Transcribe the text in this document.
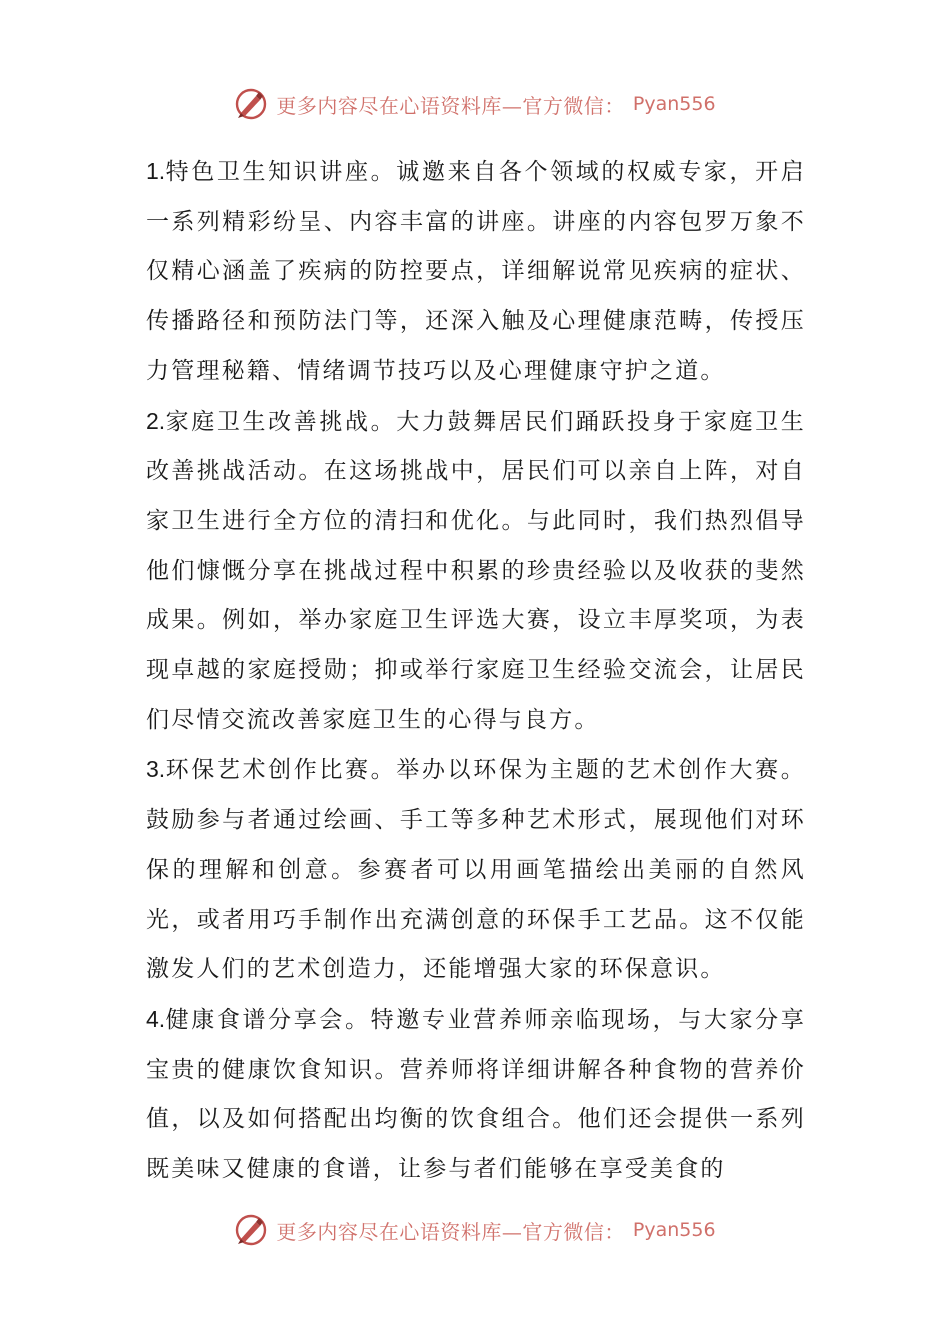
更多内容尽在心语资料库—官方微信： Pyan556

1.特色卫生知识讲座。诚邀来自各个领域的权威专家，开启一系列精彩纷呈、内容丰富的讲座。讲座的内容包罗万象不仅精心涵盖了疾病的防控要点，详细解说常见疾病的症状、传播路径和预防法门等，还深入触及心理健康范畴，传授压力管理秘籍、情绪调节技巧以及心理健康守护之道。

2.家庭卫生改善挑战。大力鼓舞居民们踊跃投身于家庭卫生改善挑战活动。在这场挑战中，居民们可以亲自上阵，对自家卫生进行全方位的清扫和优化。与此同时，我们热烈倡导他们慷慨分享在挑战过程中积累的珍贵经验以及收获的斐然成果。例如，举办家庭卫生评选大赛，设立丰厚奖项，为表现卓越的家庭授勋；抑或举行家庭卫生经验交流会，让居民们尽情交流改善家庭卫生的心得与良方。

3.环保艺术创作比赛。举办以环保为主题的艺术创作大赛。鼓励参与者通过绘画、手工等多种艺术形式，展现他们对环保的理解和创意。参赛者可以用画笔描绘出美丽的自然风光，或者用巧手制作出充满创意的环保手工艺品。这不仅能激发人们的艺术创造力，还能增强大家的环保意识。

4.健康食谱分享会。特邀专业营养师亲临现场，与大家分享宝贵的健康饮食知识。营养师将详细讲解各种食物的营养价值，以及如何搭配出均衡的饮食组合。他们还会提供一系列既美味又健康的食谱，让参与者们能够在享受美食的

更多内容尽在心语资料库—官方微信： Pyan556
